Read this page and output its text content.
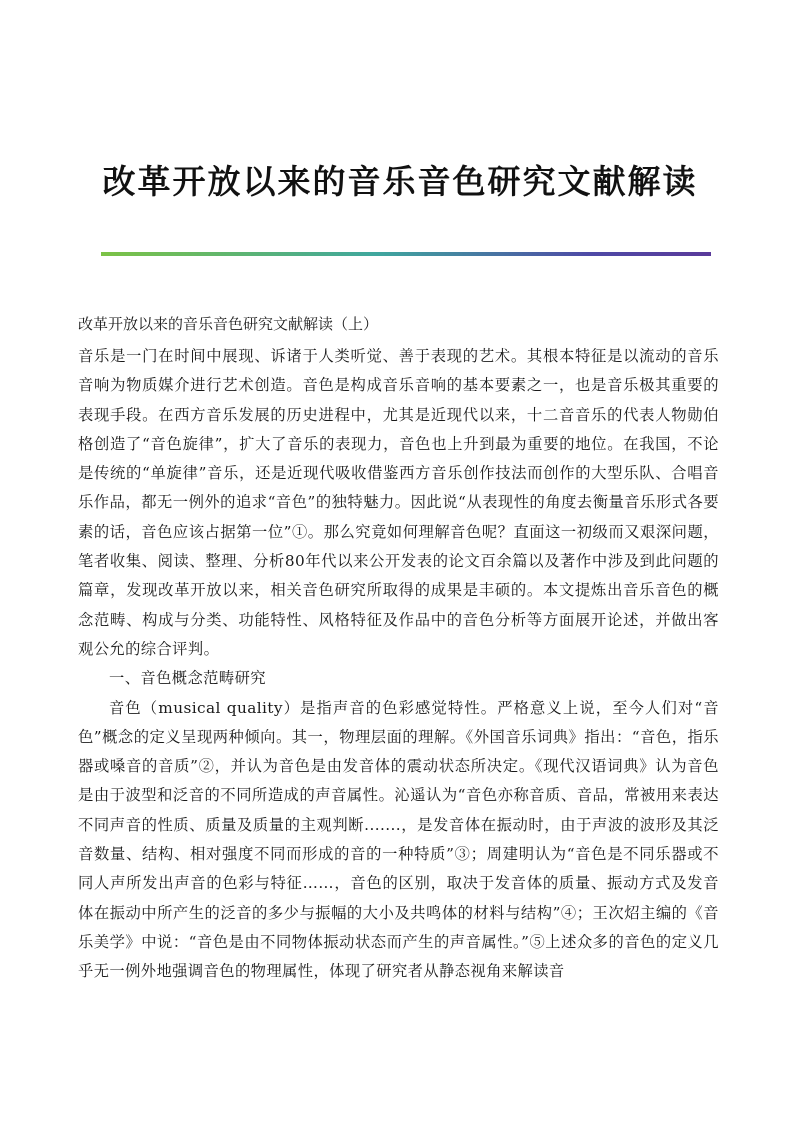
改革开放以来的音乐音色研究文献解读
改革开放以来的音乐音色研究文献解读（上）

音乐是一门在时间中展现、诉诸于人类听觉、善于表现的艺术。其根本特征是以流动的音乐音响为物质媒介进行艺术创造。音色是构成音乐音响的基本要素之一，也是音乐极其重要的表现手段。在西方音乐发展的历史进程中，尤其是近现代以来，十二音音乐的代表人物勋伯格创造了“音色旋律”，扩大了音乐的表现力，音色也上升到最为重要的地位。在我国，不论是传统的“单旋律”音乐，还是近现代吸收借鉴西方音乐创作技法而创作的大型乐队、合唱音乐作品，都无一例外的追求“音色”的独特魅力。因此说“从表现性的角度去衡量音乐形式各要素的话，音色应该占据第一位”①。那么究竟如何理解音色呢？直面这一初级而又艰深问题，笔者收集、阅读、整理、分析80年代以来公开发表的论文百余篇以及著作中涉及到此问题的篇章，发现改革开放以来，相关音色研究所取得的成果是丰硕的。本文提炼出音乐音色的概念范畴、构成与分类、功能特性、风格特征及作品中的音色分析等方面展开论述，并做出客观公允的综合评判。

一、音色概念范畴研究

音色（musical quality）是指声音的色彩感觉特性。严格意义上说，至今人们对“音色”概念的定义呈现两种倾向。其一，物理层面的理解。《外国音乐词典》指出：“音色，指乐器或嗓音的音质”②，并认为音色是由发音体的震动状态所决定。《现代汉语词典》认为音色是由于波型和泛音的不同所造成的声音属性。沁遥认为“音色亦称音质、音品，常被用来表达不同声音的性质、质量及质量的主观判断.......，是发音体在振动时，由于声波的波形及其泛音数量、结构、相对强度不同而形成的音的一种特质”③；周建明认为“音色是不同乐器或不同人声所发出声音的色彩与特征……，音色的区别，取决于发音体的质量、振动方式及发音体在振动中所产生的泛音的多少与振幅的大小及共鸣体的材料与结构”④；王次炤主编的《音乐美学》中说：“音色是由不同物体振动状态而产生的声音属性。”⑤上述众多的音色的定义几乎无一例外地强调音色的物理属性，体现了研究者从静态视角来解读音
